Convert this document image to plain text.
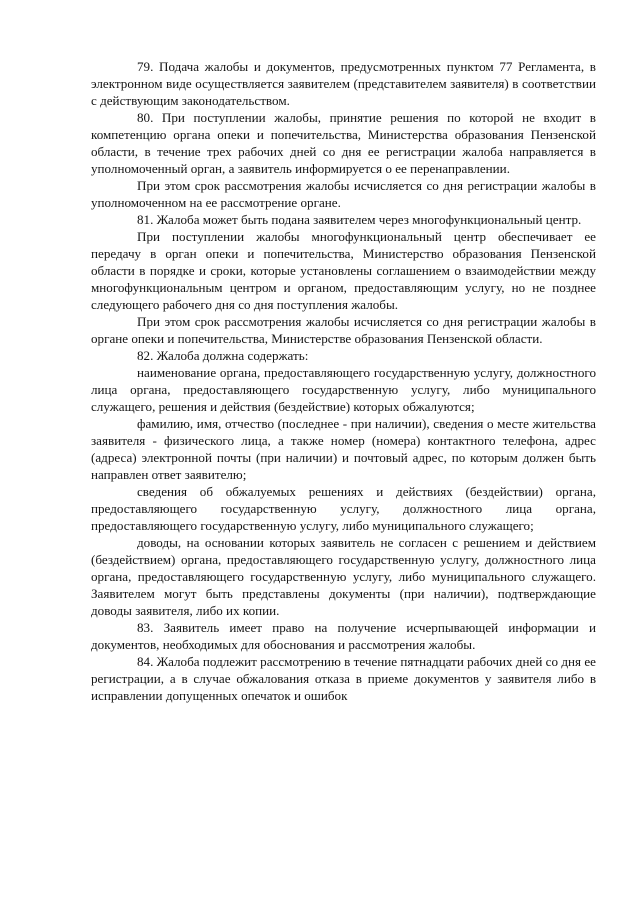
79. Подача жалобы и документов, предусмотренных пунктом 77 Регламента, в электронном виде осуществляется заявителем (представителем заявителя) в соответствии с действующим законодательством.

80. При поступлении жалобы, принятие решения по которой не входит в компетенцию органа опеки и попечительства, Министерства образования Пензенской области, в течение трех рабочих дней со дня ее регистрации жалоба направляется в уполномоченный орган, а заявитель информируется о ее перенаправлении.

При этом срок рассмотрения жалобы исчисляется со дня регистрации жалобы в уполномоченном на ее рассмотрение органе.

81. Жалоба может быть подана заявителем через многофункциональный центр.

При поступлении жалобы многофункциональный центр обеспечивает ее передачу в орган опеки и попечительства, Министерство образования Пензенской области в порядке и сроки, которые установлены соглашением о взаимодействии между многофункциональным центром и органом, предоставляющим услугу, но не позднее следующего рабочего дня со дня поступления жалобы.

При этом срок рассмотрения жалобы исчисляется со дня регистрации жалобы в органе опеки и попечительства, Министерстве образования Пензенской области.

82. Жалоба должна содержать:

наименование органа, предоставляющего государственную услугу, должностного лица органа, предоставляющего государственную услугу, либо муниципального служащего, решения и действия (бездействие) которых обжалуются;

фамилию, имя, отчество (последнее - при наличии), сведения о месте жительства заявителя - физического лица, а также номер (номера) контактного телефона, адрес (адреса) электронной почты (при наличии) и почтовый адрес, по которым должен быть направлен ответ заявителю;

сведения об обжалуемых решениях и действиях (бездействии) органа, предоставляющего государственную услугу, должностного лица органа, предоставляющего государственную услугу, либо муниципального служащего;

доводы, на основании которых заявитель не согласен с решением и действием (бездействием) органа, предоставляющего государственную услугу, должностного лица органа, предоставляющего государственную услугу, либо муниципального служащего. Заявителем могут быть представлены документы (при наличии), подтверждающие доводы заявителя, либо их копии.

83. Заявитель имеет право на получение исчерпывающей информации и документов, необходимых для обоснования и рассмотрения жалобы.

84. Жалоба подлежит рассмотрению в течение пятнадцати рабочих дней со дня ее регистрации, а в случае обжалования отказа в приеме документов у заявителя либо в исправлении допущенных опечаток и ошибок
